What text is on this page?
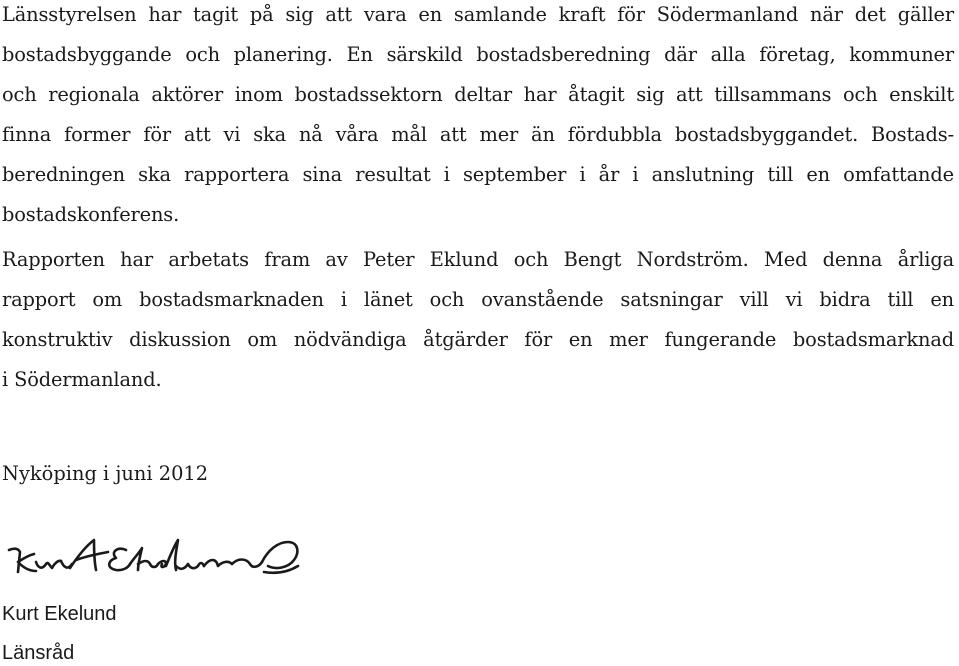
Länsstyrelsen har tagit på sig att vara en samlande kraft för Södermanland när det gäller
bostadsbyggande och planering. En särskild bostadsberedning där alla företag, kommuner
och regionala aktörer inom bostadssektorn deltar har åtagit sig att tillsammans och enskilt
finna former för att vi ska nå våra mål att mer än fördubbla bostadsbyggandet. Bostads-
beredningen ska rapportera sina resultat i september i år i anslutning till en omfattande
bostadskonferens.

Rapporten har arbetats fram av Peter Eklund och Bengt Nordström. Med denna årliga
rapport om bostadsmarknaden i länet och ovanstående satsningar vill vi bidra till en
konstruktiv diskussion om nödvändiga åtgärder för en mer fungerande bostadsmarknad
i Södermanland.

Nyköping i juni 2012

Kurt Ekelund

Länsråd
